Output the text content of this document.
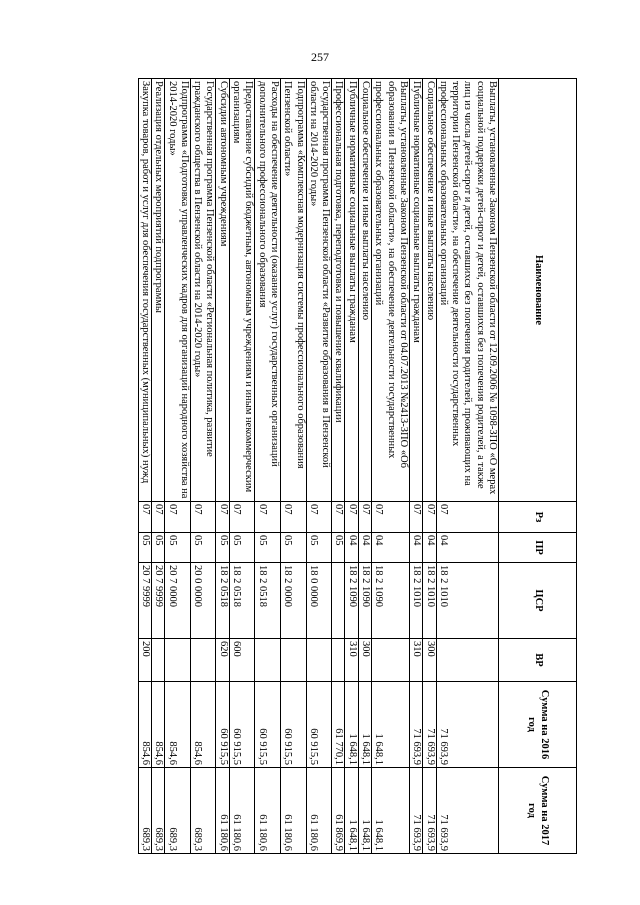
257
Наименование	Рз	ПР	ЦСР	ВР	Сумма на 2016 год	Сумма на 2017 год
Выплаты, установленные Законом Пензенской области от 12.09.2006 № 1098-ЗПО «О мерах социальной поддержки детей-сирот и детей, оставшихся без попечения родителей, а также лиц из числа детей-сирот и детей, оставшихся без попечения родителей, проживающих на территории Пензенской области», на обеспечение деятельности государственных профессиональных образовательных организаций	07	04	18 2 1010		71 693,9	71 693,9
Социальное обеспечение и иные выплаты населению	07	04	18 2 1010	300	71 693,9	71 693,9
Публичные нормативные социальные выплаты гражданам	07	04	18 2 1010	310	71 693,9	71 693,9
Выплаты, установленные Законом Пензенской области от 04.07.2013 №2413-ЗПО «Об образовании в Пензенской области», на обеспечение деятельности государственных профессиональных образовательных организаций	07	04	18 2 1090		1 648,1	1 648,1
Социальное обеспечение и иные выплаты населению	07	04	18 2 1090	300	1 648,1	1 648,1
Публичные нормативные социальные выплаты гражданам	07	04	18 2 1090	310	1 648,1	1 648,1
Профессиональная подготовка, переподготовка и повышение квалификации	07	05			61 770,1	61 869,9
Государственная программа Пензенской области «Развитие образования в Пензенской области на 2014-2020 годы»	07	05	18 0 0000		60 915,5	61 180,6
Подпрограмма «Комплексная модернизация системы профессионального образования Пензенской области»	07	05	18 2 0000		60 915,5	61 180,6
Расходы на обеспечение деятельности (оказание услуг) государственных организаций дополнительного профессионального образования	07	05	18 2 0518		60 915,5	61 180,6
Предоставление субсидий бюджетным, автономным учреждениям и иным некоммерческим организациям	07	05	18 2 0518	600	60 915,5	61 180,6
Субсидии автономным учреждениям	07	05	18 2 0518	620	60 915,5	61 180,6
Государственная программа Пензенской области «Региональная политика, развитие гражданского общества в Пензенской области на 2014-2020 годы»	07	05	20 0 0000		854,6	689,3
Подпрограмма «Подготовка управленческих кадров для организаций народного хозяйства на 2014-2020 годы»	07	05	20 7 0000		854,6	689,3
Реализация отдельных мероприятий подпрограммы	07	05	20 7 9999		854,6	689,3
Закупка товаров, работ и услуг для обеспечения государственных (муниципальных) нужд	07	05	20 7 9999	200	854,6	689,3
